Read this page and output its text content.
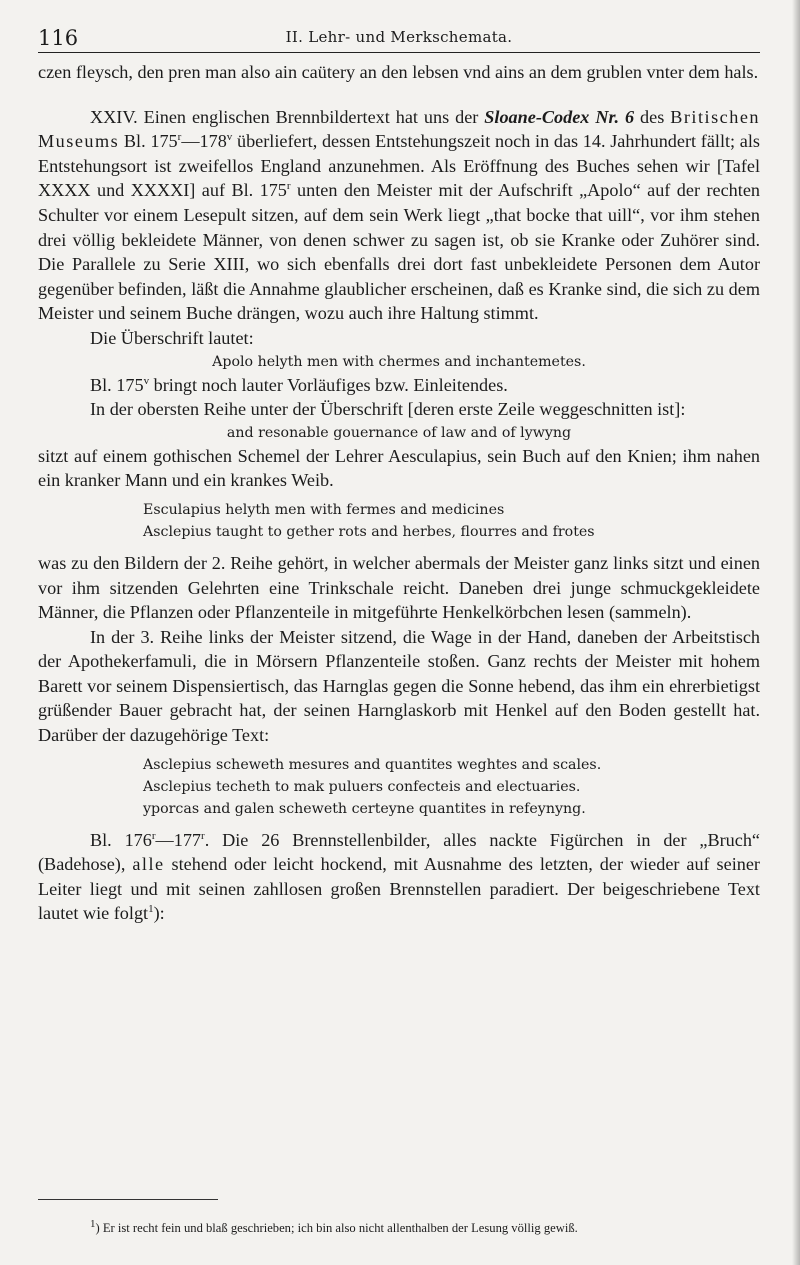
116	II. Lehr- und Merkschemata.

czen fleysch, den pren man also ain caütery an den lebsen vnd ains an dem grublen vnter dem hals.

XXIV. Einen englischen Brennbildertext hat uns der Sloane-Codex Nr. 6 des Britischen Museums Bl. 175$^r$—178$^v$ überliefert, dessen Entstehungszeit noch in das 14. Jahrhundert fällt; als Entstehungsort ist zweifellos England anzunehmen. Als Eröffnung des Buches sehen wir [Tafel XXXX und XXXXI] auf Bl. 175$^r$ unten den Meister mit der Aufschrift „Apolo“ auf der rechten Schulter vor einem Lesepult sitzen, auf dem sein Werk liegt „that bocke that uill“, vor ihm stehen drei völlig bekleidete Männer, von denen schwer zu sagen ist, ob sie Kranke oder Zuhörer sind. Die Parallele zu Serie XIII, wo sich ebenfalls drei dort fast unbekleidete Personen dem Autor gegenüber befinden, läßt die Annahme glaublicher erscheinen, daß es Kranke sind, die sich zu dem Meister und seinem Buche drängen, wozu auch ihre Haltung stimmt.

Die Überschrift lautet:

Apolo helyth men with chermes and inchantemetes.

Bl. 175$^v$ bringt noch lauter Vorläufiges bzw. Einleitendes.

In der obersten Reihe unter der Überschrift [deren erste Zeile weggeschnitten ist]:

and resonable gouernance of law and of lywyng

sitzt auf einem gothischen Schemel der Lehrer Aesculapius, sein Buch auf den Knien; ihm nahen ein kranker Mann und ein krankes Weib.

Esculapius helyth men with fermes and medicines
Asclepius taught to gether rots and herbes, flourres and frotes

was zu den Bildern der 2. Reihe gehört, in welcher abermals der Meister ganz links sitzt und einen vor ihm sitzenden Gelehrten eine Trinkschale reicht. Daneben drei junge schmuckgekleidete Männer, die Pflanzen oder Pflanzenteile in mitgeführte Henkelkörbchen lesen (sammeln).

In der 3. Reihe links der Meister sitzend, die Wage in der Hand, daneben der Arbeitstisch der Apothekerfamuli, die in Mörsern Pflanzenteile stoßen. Ganz rechts der Meister mit hohem Barett vor seinem Dispensiertisch, das Harnglas gegen die Sonne hebend, das ihm ein ehrerbietigst grüßender Bauer gebracht hat, der seinen Harnglaskorb mit Henkel auf den Boden gestellt hat. Darüber der dazugehörige Text:

Asclepius scheweth mesures and quantites weghtes and scales.
Asclepius techeth to mak puluers confecteis and electuaries.
yporcas and galen scheweth certeyne quantites in refeynyng.

Bl. 176$^r$—177$^r$. Die 26 Brennstellenbilder, alles nackte Figürchen in der „Bruch“ (Badehose), alle stehend oder leicht hockend, mit Ausnahme des letzten, der wieder auf seiner Leiter liegt und mit seinen zahllosen großen Brennstellen paradiert. Der beigeschriebene Text lautet wie folgt$^1$):

$^1$) Er ist recht fein und blaß geschrieben; ich bin also nicht allenthalben der Lesung völlig gewiß.
